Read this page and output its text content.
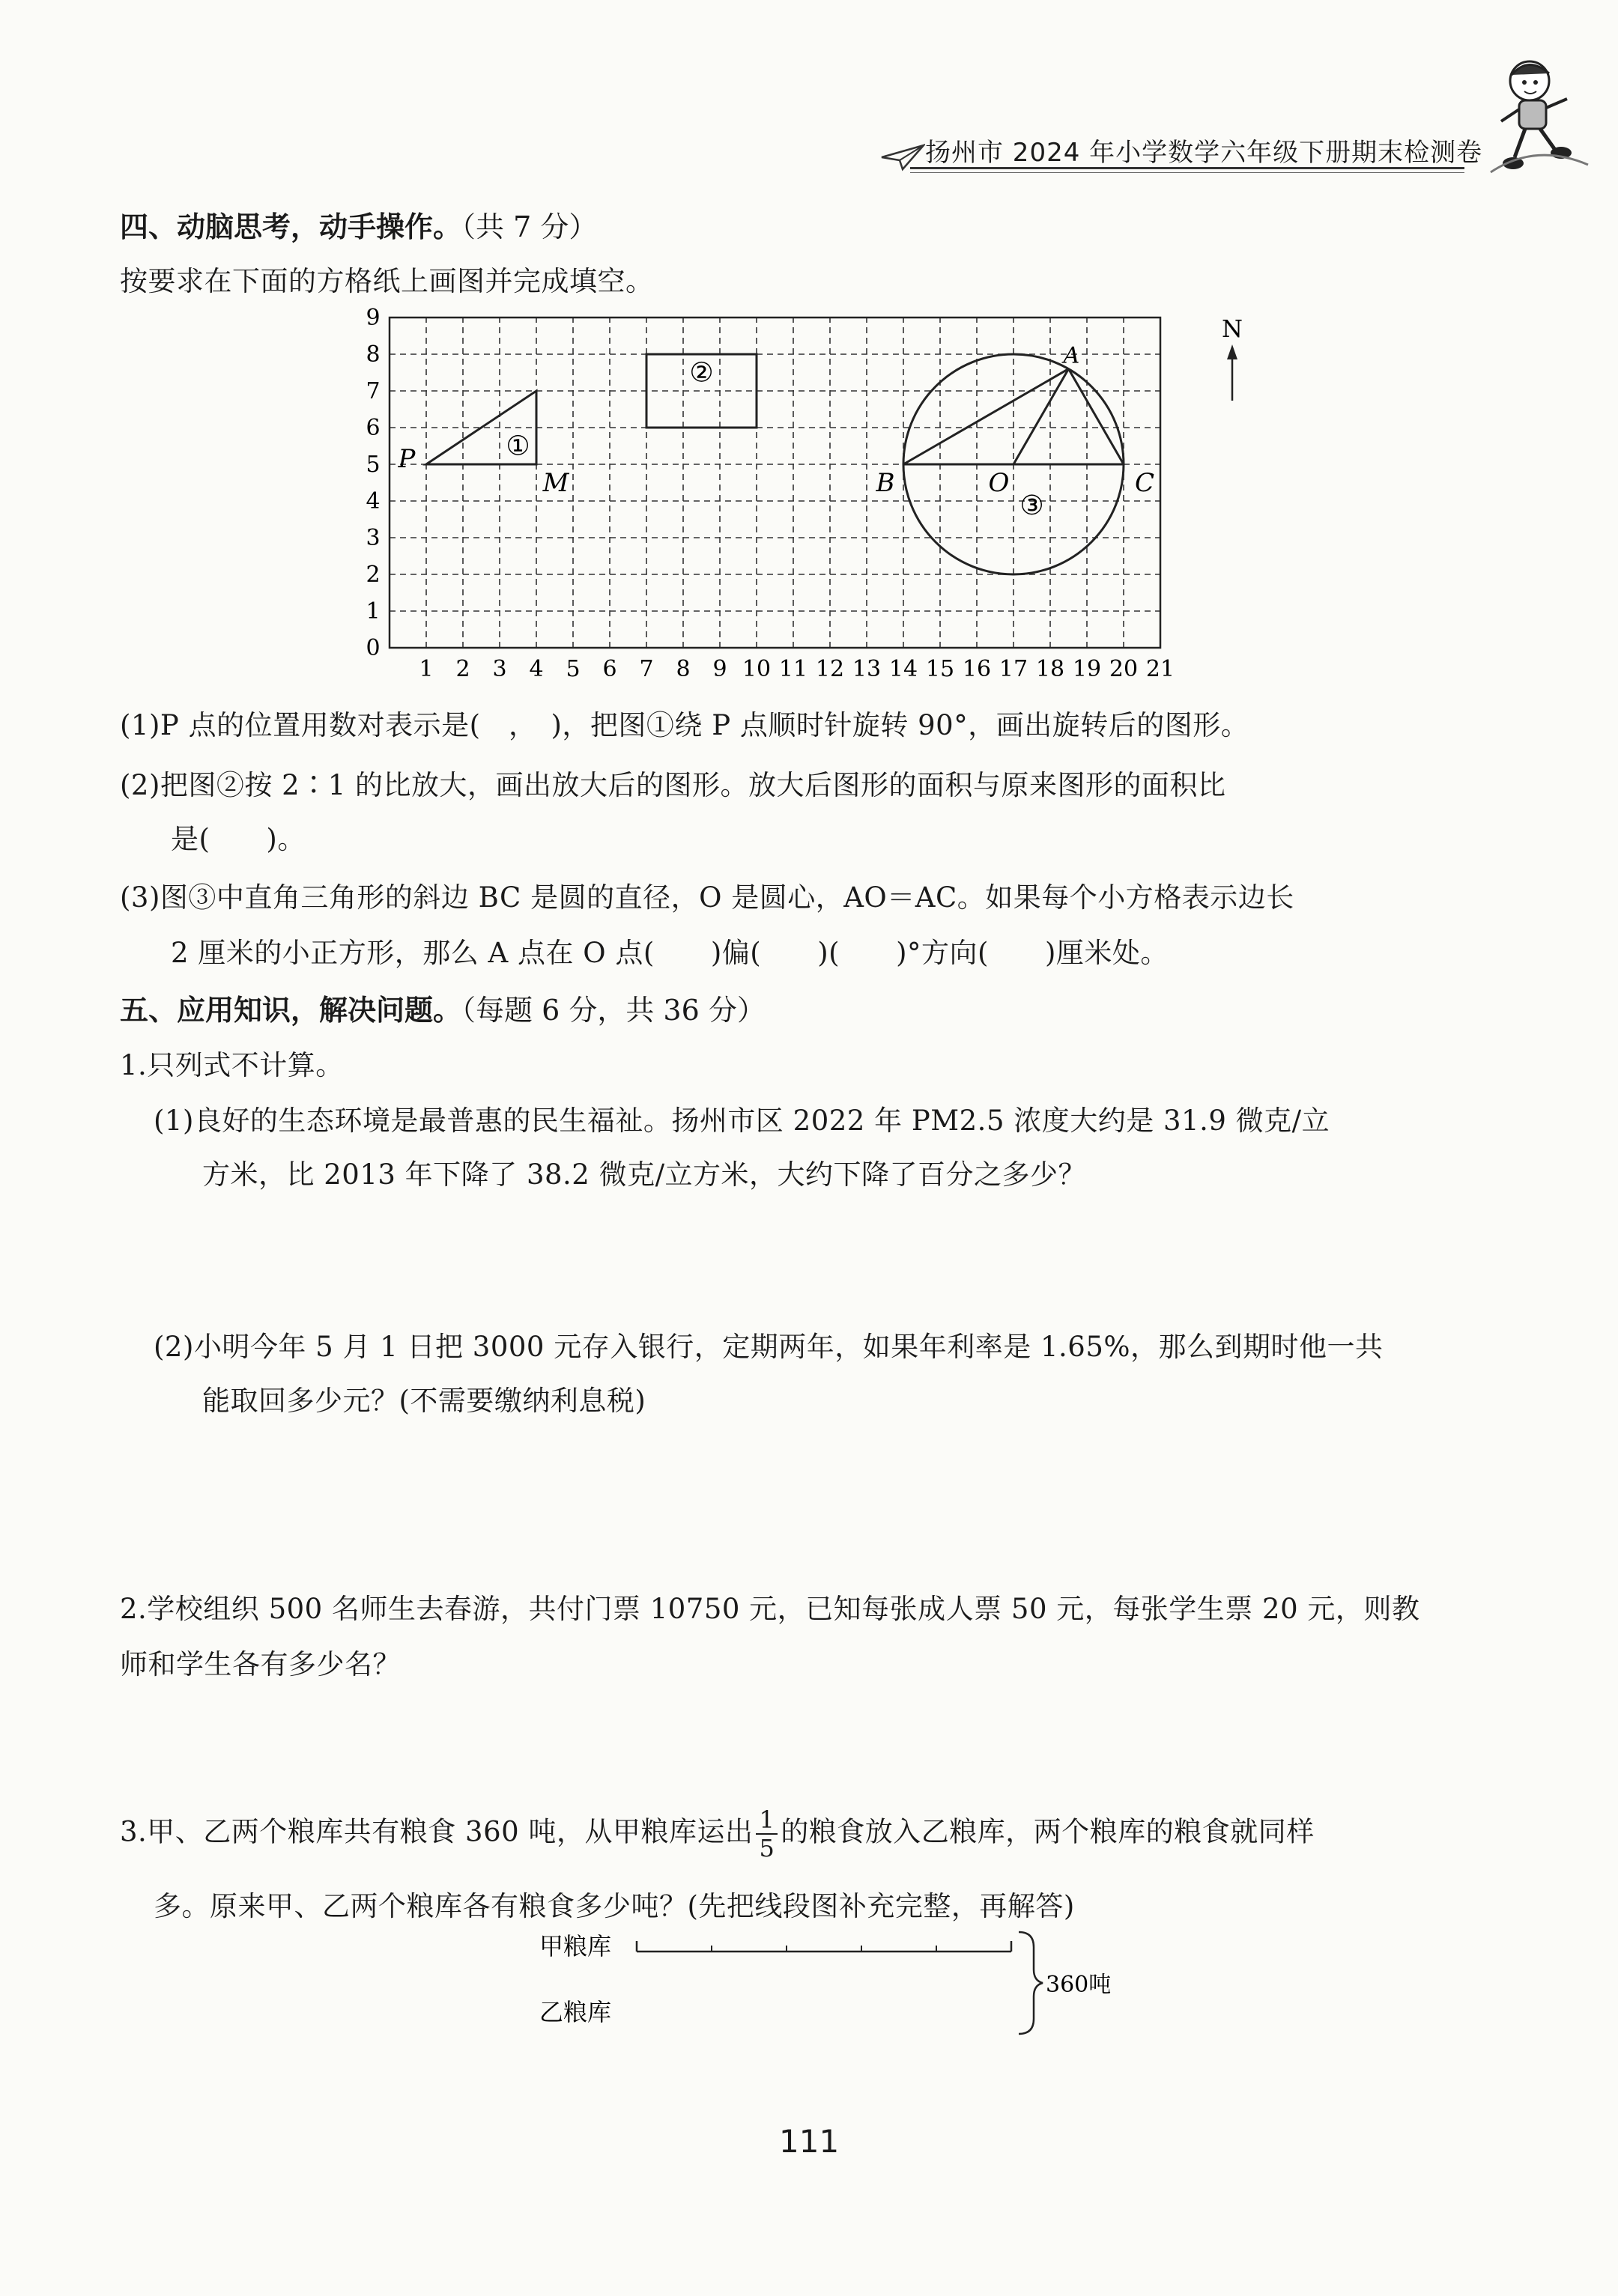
扬州市 2024 年小学数学六年级下册期末检测卷
四、动脑思考，动手操作。（共 7 分）
按要求在下面的方格纸上画图并完成填空。
1 2 3 4 5 6 7 8 9 10 11 12 13 14 15 16 17 18 19 20 21
0
1
2
3
4
5
6
7
8
9
P
M
①
②
A
B	O	C
③
N
(1)P 点的位置用数对表示是(　，　)，把图①绕 P 点顺时针旋转 90°，画出旋转后的图形。
(2)把图②按 2∶1 的比放大，画出放大后的图形。放大后图形的面积与原来图形的面积比
是(　　)。
(3)图③中直角三角形的斜边 BC 是圆的直径，O 是圆心，AO＝AC。如果每个小方格表示边长
2 厘米的小正方形，那么 A 点在 O 点(　　)偏(　　)(　　)°方向(　　)厘米处。
五、应用知识，解决问题。（每题 6 分，共 36 分）
1.只列式不计算。
(1)良好的生态环境是最普惠的民生福祉。扬州市区 2022 年 PM2.5 浓度大约是 31.9 微克/立
方米，比 2013 年下降了 38.2 微克/立方米，大约下降了百分之多少？
(2)小明今年 5 月 1 日把 3000 元存入银行，定期两年，如果年利率是 1.65%，那么到期时他一共
能取回多少元？(不需要缴纳利息税)
2.学校组织 500 名师生去春游，共付门票 10750 元，已知每张成人票 50 元，每张学生票 20 元，则教
师和学生各有多少名？
3.甲、乙两个粮库共有粮食 360 吨，从甲粮库运出 $\frac{1}{5}$ 的粮食放入乙粮库，两个粮库的粮食就同样
多。原来甲、乙两个粮库各有粮食多少吨？(先把线段图补充完整，再解答)
甲粮库
乙粮库
360吨
111
